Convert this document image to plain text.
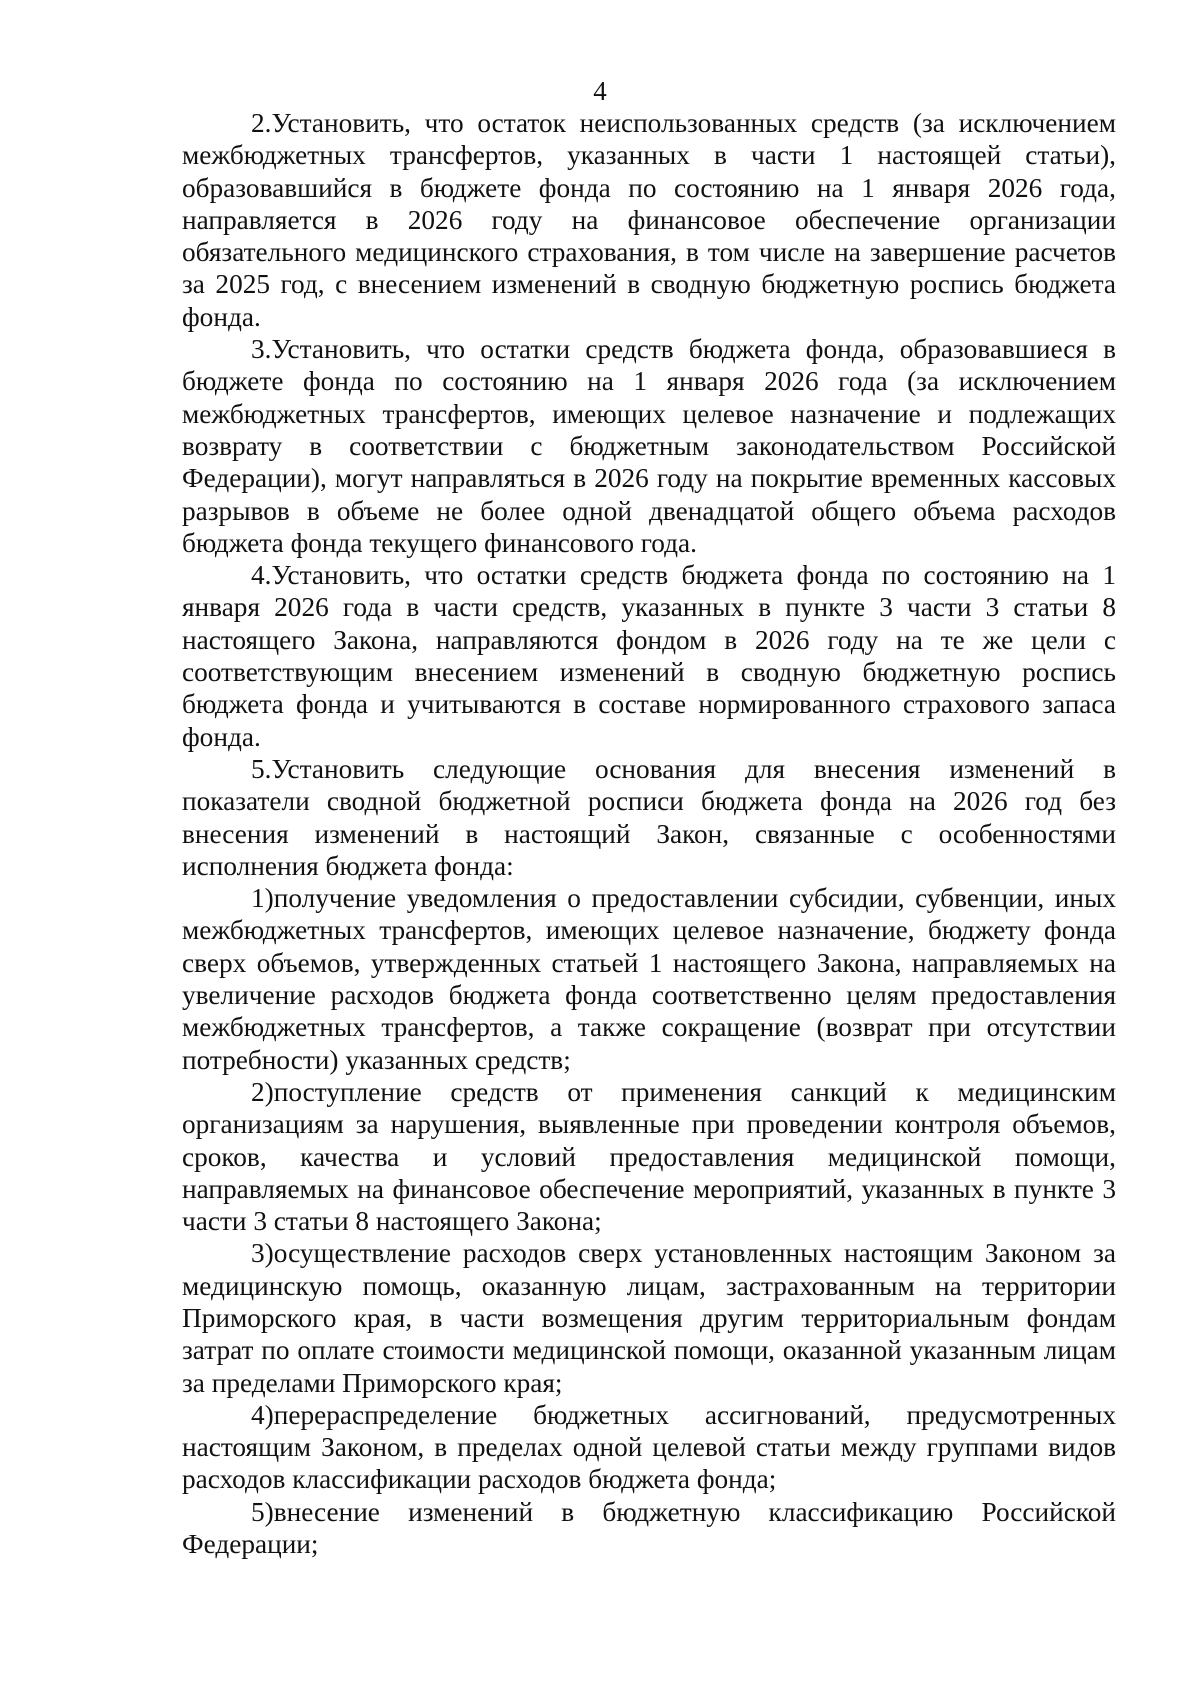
4

2.Установить, что остаток неиспользованных средств (за исключением межбюджетных трансфертов, указанных в части 1 настоящей статьи), образовавшийся в бюджете фонда по состоянию на 1 января 2026 года, направляется в 2026 году на финансовое обеспечение организации обязательного медицинского страхования, в том числе на завершение расчетов за 2025 год, с внесением изменений в сводную бюджетную роспись бюджета фонда.

3.Установить, что остатки средств бюджета фонда, образовавшиеся в бюджете фонда по состоянию на 1 января 2026 года (за исключением межбюджетных трансфертов, имеющих целевое назначение и подлежащих возврату в соответствии с бюджетным законодательством Российской Федерации), могут направляться в 2026 году на покрытие временных кассовых разрывов в объеме не более одной двенадцатой общего объема расходов бюджета фонда текущего финансового года.

4.Установить, что остатки средств бюджета фонда по состоянию на 1 января 2026 года в части средств, указанных в пункте 3 части 3 статьи 8 настоящего Закона, направляются фондом в 2026 году на те же цели с соответствующим внесением изменений в сводную бюджетную роспись бюджета фонда и учитываются в составе нормированного страхового запаса фонда.

5.Установить следующие основания для внесения изменений в показатели сводной бюджетной росписи бюджета фонда на 2026 год без внесения изменений в настоящий Закон, связанные с особенностями исполнения бюджета фонда:

1)получение уведомления о предоставлении субсидии, субвенции, иных межбюджетных трансфертов, имеющих целевое назначение, бюджету фонда сверх объемов, утвержденных статьей 1 настоящего Закона, направляемых на увеличение расходов бюджета фонда соответственно целям предоставления межбюджетных трансфертов, а также сокращение (возврат при отсутствии потребности) указанных средств;

2)поступление средств от применения санкций к медицинским организациям за нарушения, выявленные при проведении контроля объемов, сроков, качества и условий предоставления медицинской помощи, направляемых на финансовое обеспечение мероприятий, указанных в пункте 3 части 3 статьи 8 настоящего Закона;

3)осуществление расходов сверх установленных настоящим Законом за медицинскую помощь, оказанную лицам, застрахованным на территории Приморского края, в части возмещения другим территориальным фондам затрат по оплате стоимости медицинской помощи, оказанной указанным лицам за пределами Приморского края;

4)перераспределение бюджетных ассигнований, предусмотренных настоящим Законом, в пределах одной целевой статьи между группами видов расходов классификации расходов бюджета фонда;

5)внесение изменений в бюджетную классификацию Российской Федерации;
